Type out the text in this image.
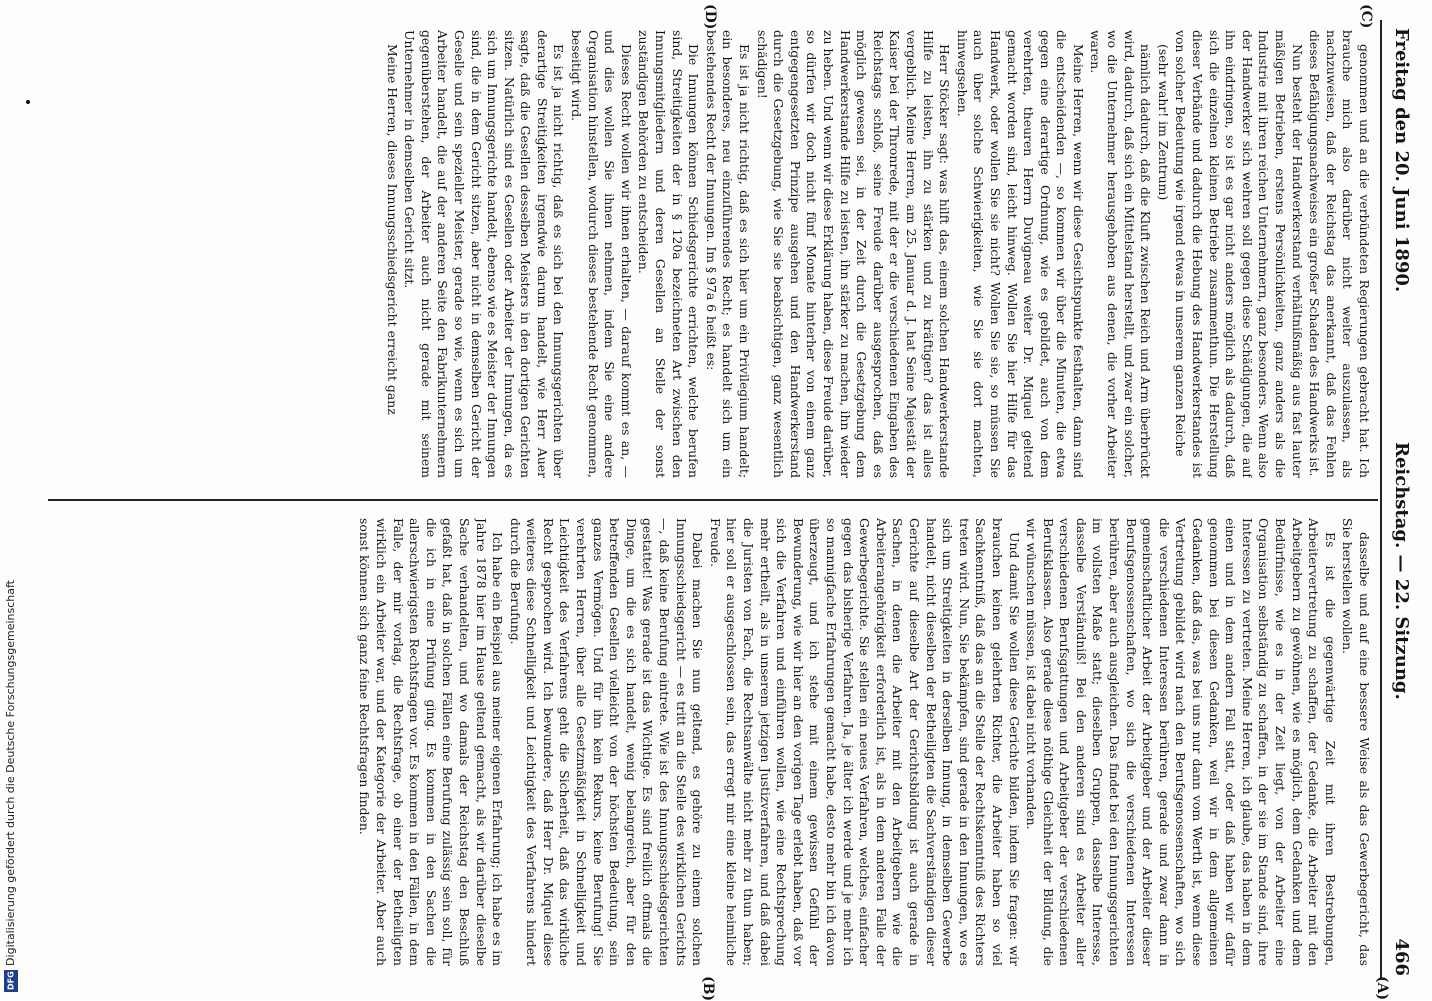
Freitag den 20. Juni 1890.
Reichstag. — 22. Sitzung.
466
(C)
(D)
(A)
(B)

genommen und an die verbündeten Regierungen gebracht hat. Ich brauche mich also darüber nicht weiter auszulassen, als nachzuweisen, daß der Reichstag das anerkannt, daß das Fehlen dieses Befähigungsnachweises ein großer Schaden des Handwerks ist.

Nun besteht der Handwerkerstand verhältnißmäßig aus fast lauter mäßigen Betrieben, erstens Persönlichkeiten, ganz anders als die Industrie mit ihren reichen Unternehmern, ganz besonders. Wenn also der Handwerker sich wehren soll gegen diese Schädigungen, die auf ihn eindringen, so ist es gar nicht anders möglich als dadurch, daß sich die einzelnen kleinen Betriebe zusammenthun. Die Herstellung dieser Verbände und dadurch die Hebung des Handwerkerstandes ist von solcher Bedeutung wie irgend etwas in unserem ganzen Reiche

(sehr wahr! im Zentrum)

nämlich dadurch, daß die Kluft zwischen Reich und Arm überbrückt wird, dadurch, daß sich ein Mittelstand herstellt, und zwar ein solcher, wo die Unternehmer herausgehoben aus denen, die vorher Arbeiter waren.

Meine Herren, wenn wir diese Gesichtspunkte festhalten, dann sind die entscheidenden —, so kommen wir über die Minuten, die etwa gegen eine derartige Ordnung, wie es gebildet, auch von dem verehrten, theuren Herrn Duvigneau weiter Dr. Miquel geltend gemacht worden sind, leicht hinweg. Wollen Sie hier Hilfe für das Handwerk, oder wollen Sie sie nicht? Wollen Sie sie, so müssen Sie auch über solche Schwierigkeiten, wie Sie sie dort machten, hinwegsehen.

Herr Stöcker sagt: was hilft das, einem solchen Handwerkerstande Hilfe zu leisten, ihn zu stärken und zu kräftigen? das ist alles vergeblich. Meine Herren, am 25. Januar d. J. hat Seine Majestät der Kaiser bei der Thronrede, mit der er die verschiedenen Eingaben des Reichstags schloß, seine Freude darüber ausgesprochen, daß es möglich gewesen sei, in der Zeit durch die Gesetzgebung dem Handwerkerstande Hilfe zu leisten, ihn stärker zu machen, ihn wieder zu heben. Und wenn wir diese Erklärung haben, diese Freude darüber, so dürfen wir doch nicht fünf Monate hinterher von einem ganz entgegengesetzten Prinzipe ausgehen und den Handwerkerstand durch die Gesetzgebung, wie Sie sie beabsichtigen, ganz wesentlich schädigen!

Es ist ja nicht richtig, daß es sich hier um ein Privilegium handelt; ein besonderes, neu einzuführendes Recht; es handelt sich um ein bestehendes Recht der Innungen. Im § 97a 6 heißt es:

Die Innungen können Schiedsgerichte errichten, welche berufen sind, Streitigkeiten der in § 120a bezeichneten Art zwischen den Innungsmitgliedern und deren Gesellen an Stelle der sonst zuständigen Behörden zu entscheiden.

Dieses Recht wollen wir ihnen erhalten, — darauf kommt es an, — und dies wollen Sie ihnen nehmen, indem Sie eine andere Organisation hinstellen, wodurch dieses bestehende Recht genommen, beseitigt wird.

Es ist ja nicht richtig, daß es sich bei den Innungsgerichten über derartige Streitigkeiten irgendwie darum handelt, wie Herr Auer sagte, daß die Gesellen desselben Meisters in den dortigen Gerichten sitzen. Natürlich sind es Gesellen oder Arbeiter der Innungen, da es sich um Innungsgerichte handelt, ebenso wie es Meister der Innungen sind, die in dem Gericht sitzen, aber nicht in demselben Gericht der Geselle und sein spezieller Meister, gerade so wie, wenn es sich um Arbeiter handelt, die auf der anderen Seite den Fabrikunternehmern gegenüberstehen, der Arbeiter auch nicht gerade mit seinem Unternehmer in demselben Gericht sitzt.

Meine Herren, dieses Innungsschiedsgericht erreicht ganz

dasselbe und auf eine bessere Weise als das Gewerbegericht, das Sie herstellen wollen.

Es ist die gegenwärtige Zeit mit ihren Bestrebungen, Arbeitervertretung zu schaffen, der Gedanke, die Arbeiter mit den Arbeitgebern zu gewöhnen, wie es möglich, dem Gedanken und dem Bedürfnisse, wie es in der Zeit liegt, von der Arbeiter eine Organisation selbständig zu schaffen, in der sie im Stande sind, ihre Interessen zu vertreten. Meine Herren, ich glaube, das haben in dem einen und in dem andern Fall statt, oder daß haben wir dafür genommen bei diesen Gedanken, weil wir in dem allgemeinen Gedanken, daß das, was bei uns nur dann vom Werth ist, wenn diese Vertretung gebildet wird nach den Berufsgenossenschaften, wo sich die verschiedenen Interessen berühren, gerade und zwar dann in gemeinschaftlicher Arbeit der Arbeitgeber und der Arbeiter dieser Berufsgenossenschaften, wo sich die verschiedenen Interessen berühren, aber auch ausgleichen. Das findet bei den Innungsgerichten im vollsten Maße statt; dieselben Gruppen, dasselbe Interesse, dasselbe Verständniß! Bei den anderen sind es Arbeiter aller verschiedenen Berufsgattungen und Arbeitgeber der verschiedenen Berufsklassen. Also gerade diese nöthige Gleichheit der Bildung, die wir wünschen müssen, ist dabei nicht vorhanden.

Und damit Sie wollen diese Gerichte bilden, indem Sie fragen: wir brauchen keinen gelehrten Richter, die Arbeiter haben so viel Sachkenntniß, daß das an die Stelle der Rechtskenntniß des Richters treten wird. Nun, Sie bekämpfen, sind gerade in den Innungen, wo es sich um Streitigkeiten in derselben Innung, in demselben Gewerbe handelt, nicht dieselben der Betheiligten die Sachverständigen dieser Gerichte auf dieselbe Art der Gerichtsbildung ist auch gerade in Sachen, in denen die Arbeiter mit den Arbeitgebern wie die Arbeiterangehörigkeit erforderlich ist, als in dem anderen Falle der Gewerbegerichte. Sie stellen ein neues Verfahren, welches, einfacher gegen das bisherige Verfahren. Ja, je älter ich werde und je mehr ich so mannigfache Erfahrungen gemacht habe, desto mehr bin ich davon überzeugt, und ich stehe mit einem gewissen Gefühl der Bewunderung, wie wir hier an den vorigen Tage erlebt haben, daß vor sich die Verfahren und einführen wollen, wie eine Rechtsprechung mehr ertheilt, als in unserem jetzigen Justizverfahren, und daß dabei die Juristen von Fach, die Rechtsanwälte nicht mehr zu thun haben; hier soll er ausgeschlossen sein, das erregt mir eine kleine heimliche Freude.

Dabei machen Sie nun geltend, es gehöre zu einem solchen Innungsschiedsgericht — es tritt an die Stelle des wirklichen Gerichts —, daß keine Berufung eintrete. Wie ist des Innungsschiedsgerichten gestattet! Was gerade ist das Wichtige. Es sind freilich oftmals die Dinge, um die es sich handelt, wenig belangreich, aber für den betreffenden Gesellen vielleicht von der höchsten Bedeutung, sein ganzes Vermögen. Und für ihn kein Rekurs, keine Berufung! Sie verehrten Herren, über alle Gesetzmäßigkeit in Schnelligkeit und Leichtigkeit des Verfahrens geht die Sicherheit, daß das wirkliche Recht gesprochen wird. Ich bewundere, daß Herr Dr. Miquel diese weiteres diese Schnelligkeit und Leichtigkeit des Verfahrens hindert durch die Berufung.

Ich habe ein Beispiel aus meiner eigenen Erfahrung; ich habe es im Jahre 1878 hier im Hause geltend gemacht, als wir darüber dieselbe Sache verhandelten, und wo damals der Reichstag den Beschluß gefaßt hat, daß in solchen Fällen eine Berufung zulässig sein soll, für die ich in eine Prüfung ging. Es kommen in den Sachen die allerschwierigsten Rechtsfragen vor. Es kommen in den Fällen, in dem Falle, der mir vorlag, die Rechtsfrage, ob einer der Betheiligten wirklich ein Arbeiter war, und der Kategorie der Arbeiter. Aber auch sonst können sich ganz feine Rechtsfragen finden.

Digitalisierung gefördert durch die Deutsche Forschungsgemeinschaft
DFG
